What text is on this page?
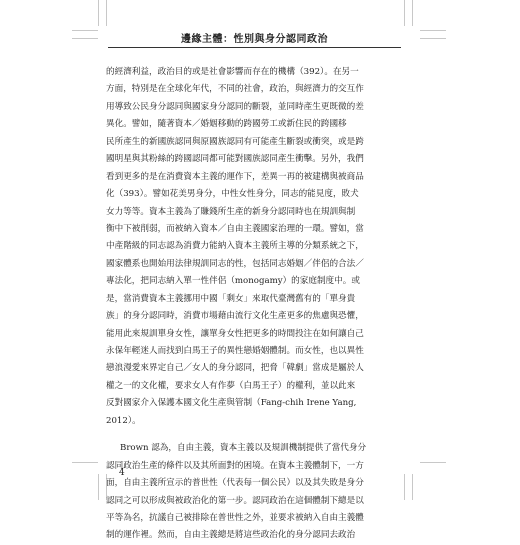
邊緣主體：性別與身分認同政治
的經濟利益，政治目的或是社會影響而存在的機構（392）。在另一
方面，特別是在全球化年代，不同的社會，政治，與經濟力的交互作
用導致公民身分認同與國家身分認同的斷裂，並同時產生更既微的差
異化。譬如，隨著資本／婚姻移動的跨國勞工或新住民的跨國移
民所產生的新國族認同與原國族認同有可能產生斷裂或衝突，或是跨
國明星與其粉絲的跨國認同都可能對國族認同產生衝擊。另外，我們
看到更多的是在消費資本主義的運作下，差異一再的被建構與被商品
化（393）。譬如花美男身分，中性女性身分，同志的能見度，敗犬
女力等等。資本主義為了賺錢所生產的新身分認同時也在規訓與制
衡中下被削弱，而被納入資本／自由主義國家治理的一環。譬如，當
中產階級的同志認為消費力能納入資本主義所主導的分類系統之下，
國家體系也開始用法律規訓同志的性，包括同志婚姻／伴侶的合法／
專法化，把同志納入單一性伴侶（monogamy）的家庭制度中。或
是，當消費資本主義挪用中國「剩女」來取代臺灣舊有的「單身貴
族」的身分認同時，消費市場藉由流行文化生產更多的焦慮與恐懼，
能用此來規訓單身女性，讓單身女性把更多的時間投注在如何讓自己
永保年輕迷人而找到白馬王子的異性戀婚姻體制。而女性，也以異性
戀浪漫愛來界定自己／女人的身分認同，把脅「韓劇」當成是屬於人
權之一的文化權，要求女人有作夢（白馬王子）的權利，並以此來
反對國家介入保護本國文化生產與管制（Fang-chih Irene Yang,
2012）。
Brown 認為，自由主義，資本主義以及規訓機制提供了當代身分
認同政治生產的條件以及其所面對的困境。在資本主義體制下，一方
面，自由主義所宣示的普世性（代表每一個公民）以及其失敗是身分
認同之可以形成與被政治化的第一步。認同政治在這個體制下總是以
平等為名，抗議自己被排除在普世性之外，並要求被納入自由主義體
制的運作裡。然而，自由主義總是將這些政治化的身分認同去政治
4
